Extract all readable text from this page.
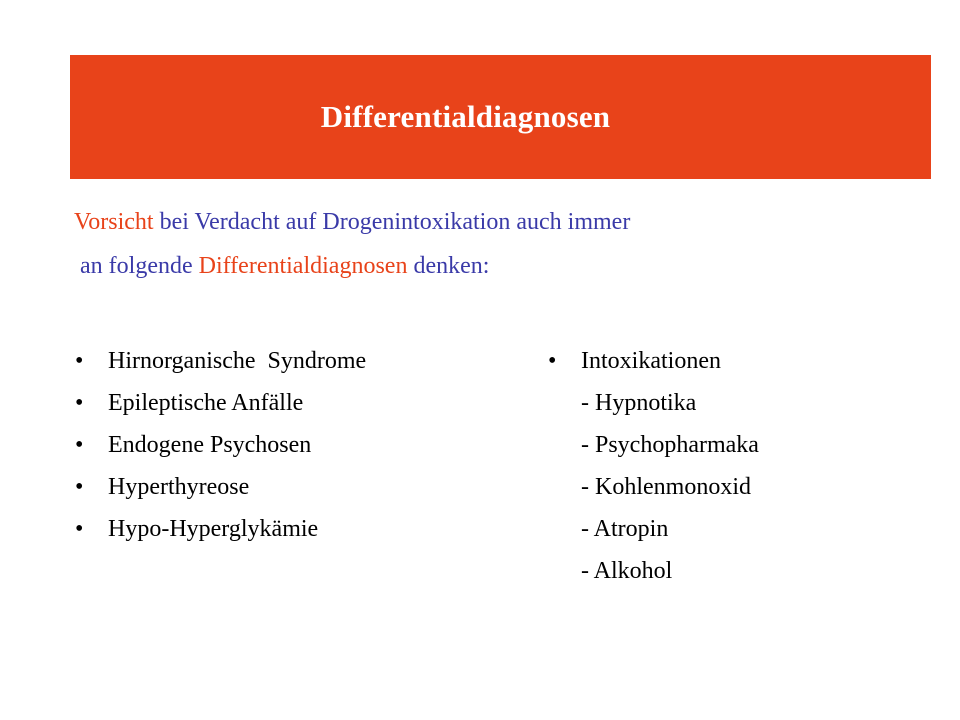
Differentialdiagnosen
Vorsicht bei Verdacht auf Drogenintoxikation auch immer
an folgende Differentialdiagnosen denken:
•	Hirnorganische  Syndrome
•	Epileptische Anfälle
•	Endogene Psychosen
•	Hyperthyreose
•	Hypo-Hyperglykämie
•	Intoxikationen
- Hypnotika
- Psychopharmaka
- Kohlenmonoxid
- Atropin
- Alkohol
